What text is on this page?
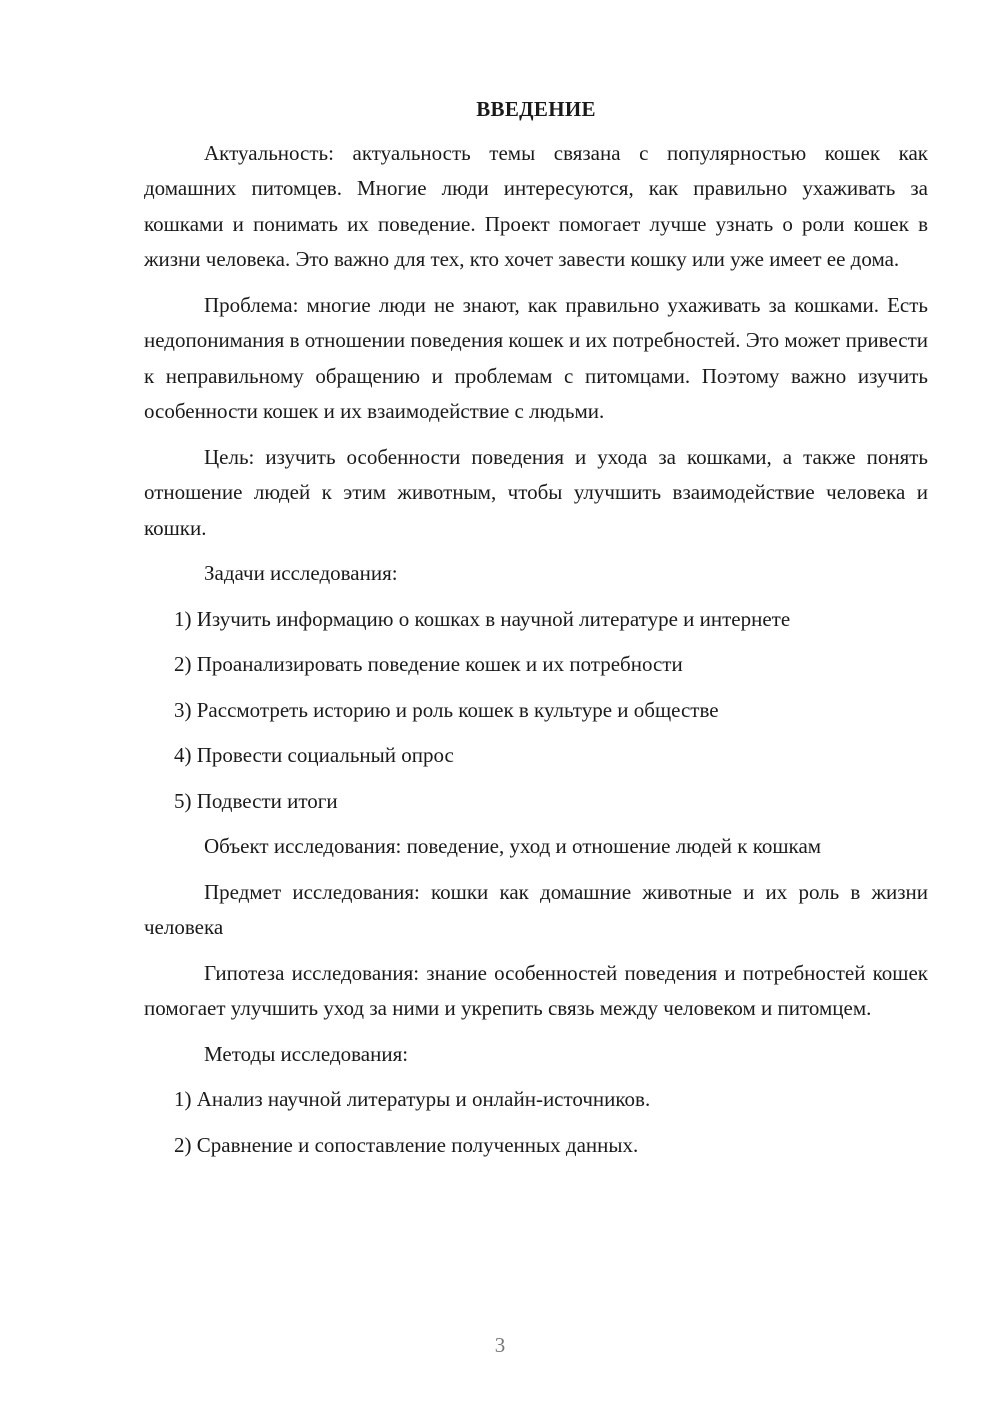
ВВЕДЕНИЕ

Актуальность: актуальность темы связана с популярностью кошек как домашних питомцев. Многие люди интересуются, как правильно ухаживать за кошками и понимать их поведение. Проект помогает лучше узнать о роли кошек в жизни человека. Это важно для тех, кто хочет завести кошку или уже имеет ее дома.

Проблема: многие люди не знают, как правильно ухаживать за кошками. Есть недопонимания в отношении поведения кошек и их потребностей. Это может привести к неправильному обращению и проблемам с питомцами. Поэтому важно изучить особенности кошек и их взаимодействие с людьми.

Цель: изучить особенности поведения и ухода за кошками, а также понять отношение людей к этим животным, чтобы улучшить взаимодействие человека и кошки.

Задачи исследования:

1) Изучить информацию о кошках в научной литературе и интернете
2) Проанализировать поведение кошек и их потребности
3) Рассмотреть историю и роль кошек в культуре и обществе
4) Провести социальный опрос
5) Подвести итоги

Объект исследования: поведение, уход и отношение людей к кошкам

Предмет исследования: кошки как домашние животные и их роль в жизни человека

Гипотеза исследования: знание особенностей поведения и потребностей кошек помогает улучшить уход за ними и укрепить связь между человеком и питомцем.

Методы исследования:

1) Анализ научной литературы и онлайн-источников.
2) Сравнение и сопоставление полученных данных.
3
